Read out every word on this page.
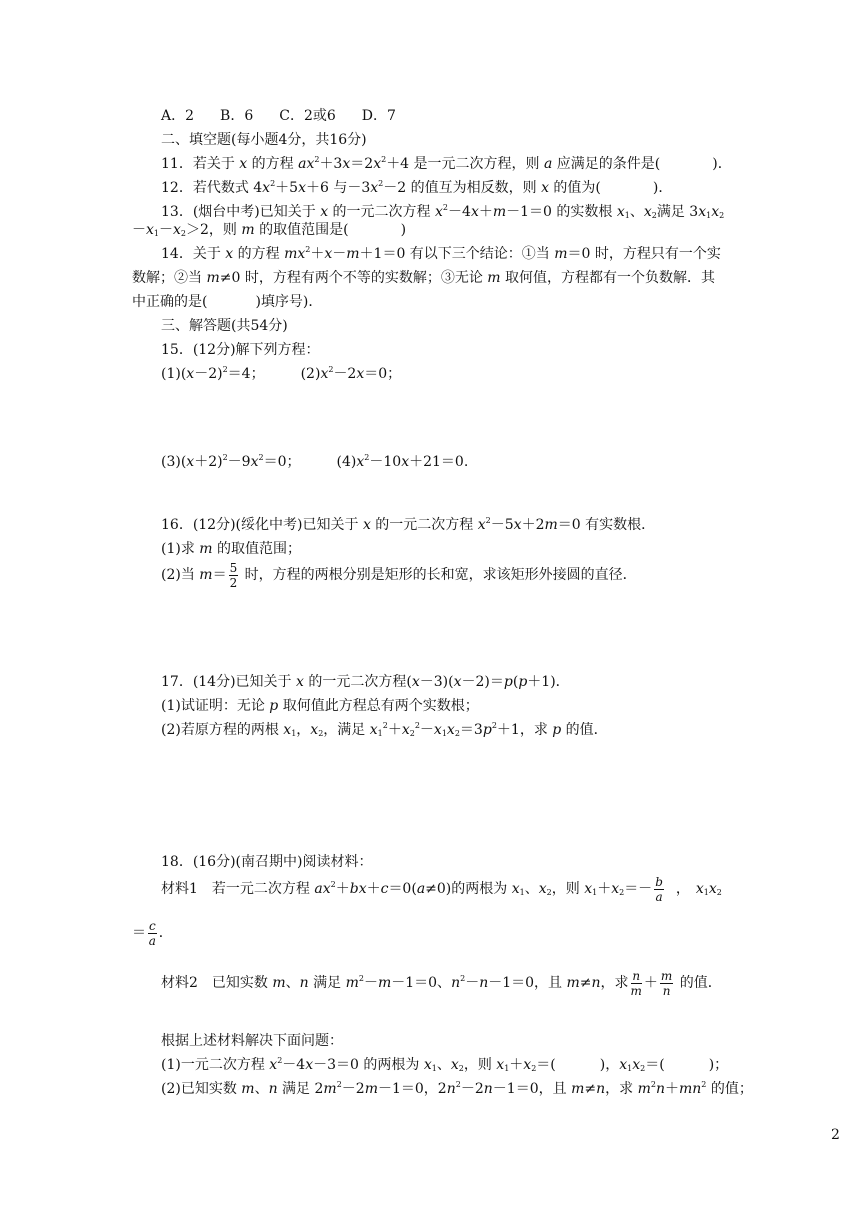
A．2 B．6 C．2或6 D．7
二、填空题(每小题4分，共16分)
11．若关于 x 的方程 $ax^2+3x=2x^2+4$ 是一元二次方程，则 a 应满足的条件是(	)．
12．若代数式 $4x^2+5x+6$ 与$-3x^2-2$ 的值互为相反数，则 x 的值为(	)．
13．(烟台中考)已知关于 x 的一元二次方程 $x^2-4x+m-1=0$ 的实数根 $x_1$、$x_2$满足 $3x_1x_2$
$-x_1-x_2>2$，则 m 的取值范围是(	)
14．关于 x 的方程 $mx^2+x-m+1=0$ 有以下三个结论：①当 m＝0 时，方程只有一个实
数解；②当 m≠0 时，方程有两个不等的实数解；③无论 m 取何值，方程都有一个负数解．其
中正确的是(	)填序号)．
三、解答题(共54分)
15．(12分)解下列方程：
$(1)(x-2)^2=4$；	$(2)x^2-2x=0$；
$(3)(x+2)^2-9x^2=0$；	$(4)x^2-10x+21=0$.
16．(12分)(绥化中考)已知关于 x 的一元二次方程 $x^2-5x+2m=0$ 有实数根．
(1)求 m 的取值范围；
(2)当 $m= \frac{5}{2}$ 时，方程的两根分别是矩形的长和宽，求该矩形外接圆的直径．
17．(14分)已知关于 x 的一元二次方程(x－3)(x－2)＝p(p＋1)．
(1)试证明：无论 p 取何值此方程总有两个实数根；
(2)若原方程的两根 $x_1$，$x_2$，满足 $x_1^2+x_2^2-x_1x_2=3p^2+1$，求 p 的值．
18．(16分)(南召期中)阅读材料：
材料1　若一元二次方程 $ax^2+bx+c=0(a\ne 0)$的两根为 $x_1$、$x_2$，则 $x_1+x_2=- \frac{b}{a}$ ， $x_1x_2$
＝ $\frac{c}{a}$ ．
材料2　已知实数 m、n 满足 $m^2-m-1=0$、$n^2-n-1=0$，且 m≠n，求 $\frac{n}{m} + \frac{m}{n}$ 的值．
根据上述材料解决下面问题：
(1)一元二次方程 $x^2-4x-3=0$ 的两根为 $x_1$、$x_2$，则 $x_1+x_2=$(	)，$x_1x_2=$(	)；
(2)已知实数 m、n 满足 $2m^2-2m-1=0$，$2n^2-2n-1=0$，且 m≠n，求 $m^2n+mn^2$ 的值；
2
